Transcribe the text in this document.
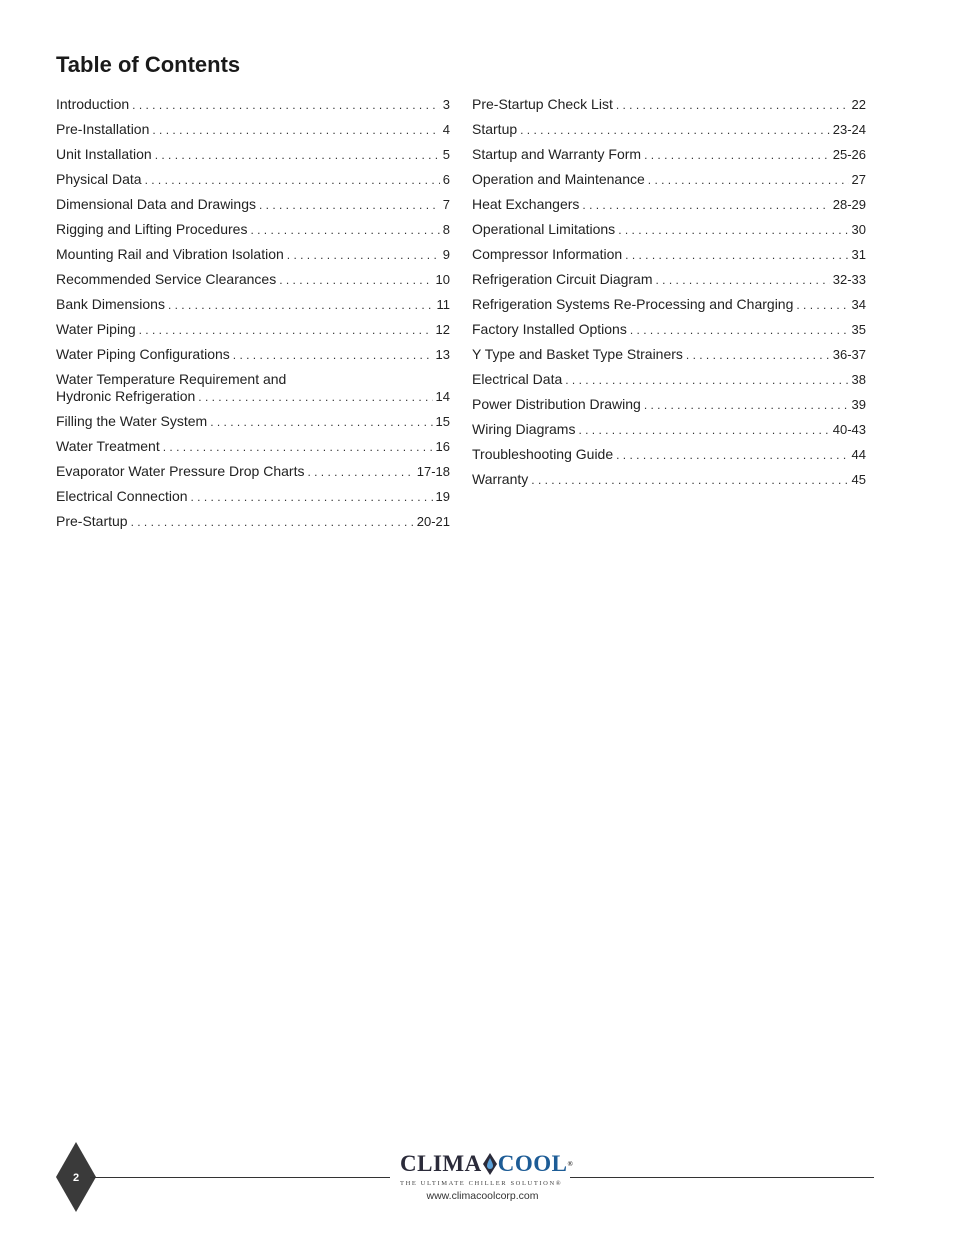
Table of Contents
Introduction . . .	3
Pre-Installation . . .	4
Unit Installation . . .	5
Physical Data . . .	6
Dimensional Data and Drawings . . .	7
Rigging and Lifting Procedures . . .	8
Mounting Rail and Vibration Isolation . . .	9
Recommended Service Clearances . . .	10
Bank Dimensions . . .	11
Water Piping . . .	12
Water Piping Configurations . . .	13
Water Temperature Requirement and
Hydronic Refrigeration . . .	14
Filling the Water System . . .	15
Water Treatment . . .	16
Evaporator Water Pressure Drop Charts . . .	17-18
Electrical Connection . . .	19
Pre-Startup . . .	20-21
Pre-Startup Check List . . .	22
Startup . . .	23-24
Startup and Warranty Form . . .	25-26
Operation and Maintenance . . .	27
Heat Exchangers . . .	28-29
Operational Limitations . . .	30
Compressor Information . . .	31
Refrigeration Circuit Diagram . . .	32-33
Refrigeration Systems Re-Processing and Charging . . .	34
Factory Installed Options . . .	35
Y Type and Basket Type Strainers . . .	36-37
Electrical Data . . .	38
Power Distribution Drawing . . .	39
Wiring Diagrams . . .	40-43
Troubleshooting Guide . . .	44
Warranty . . .	45
2
CLIMA COOL ®
THE ULTIMATE CHILLER SOLUTION®
www.climacoolcorp.com
